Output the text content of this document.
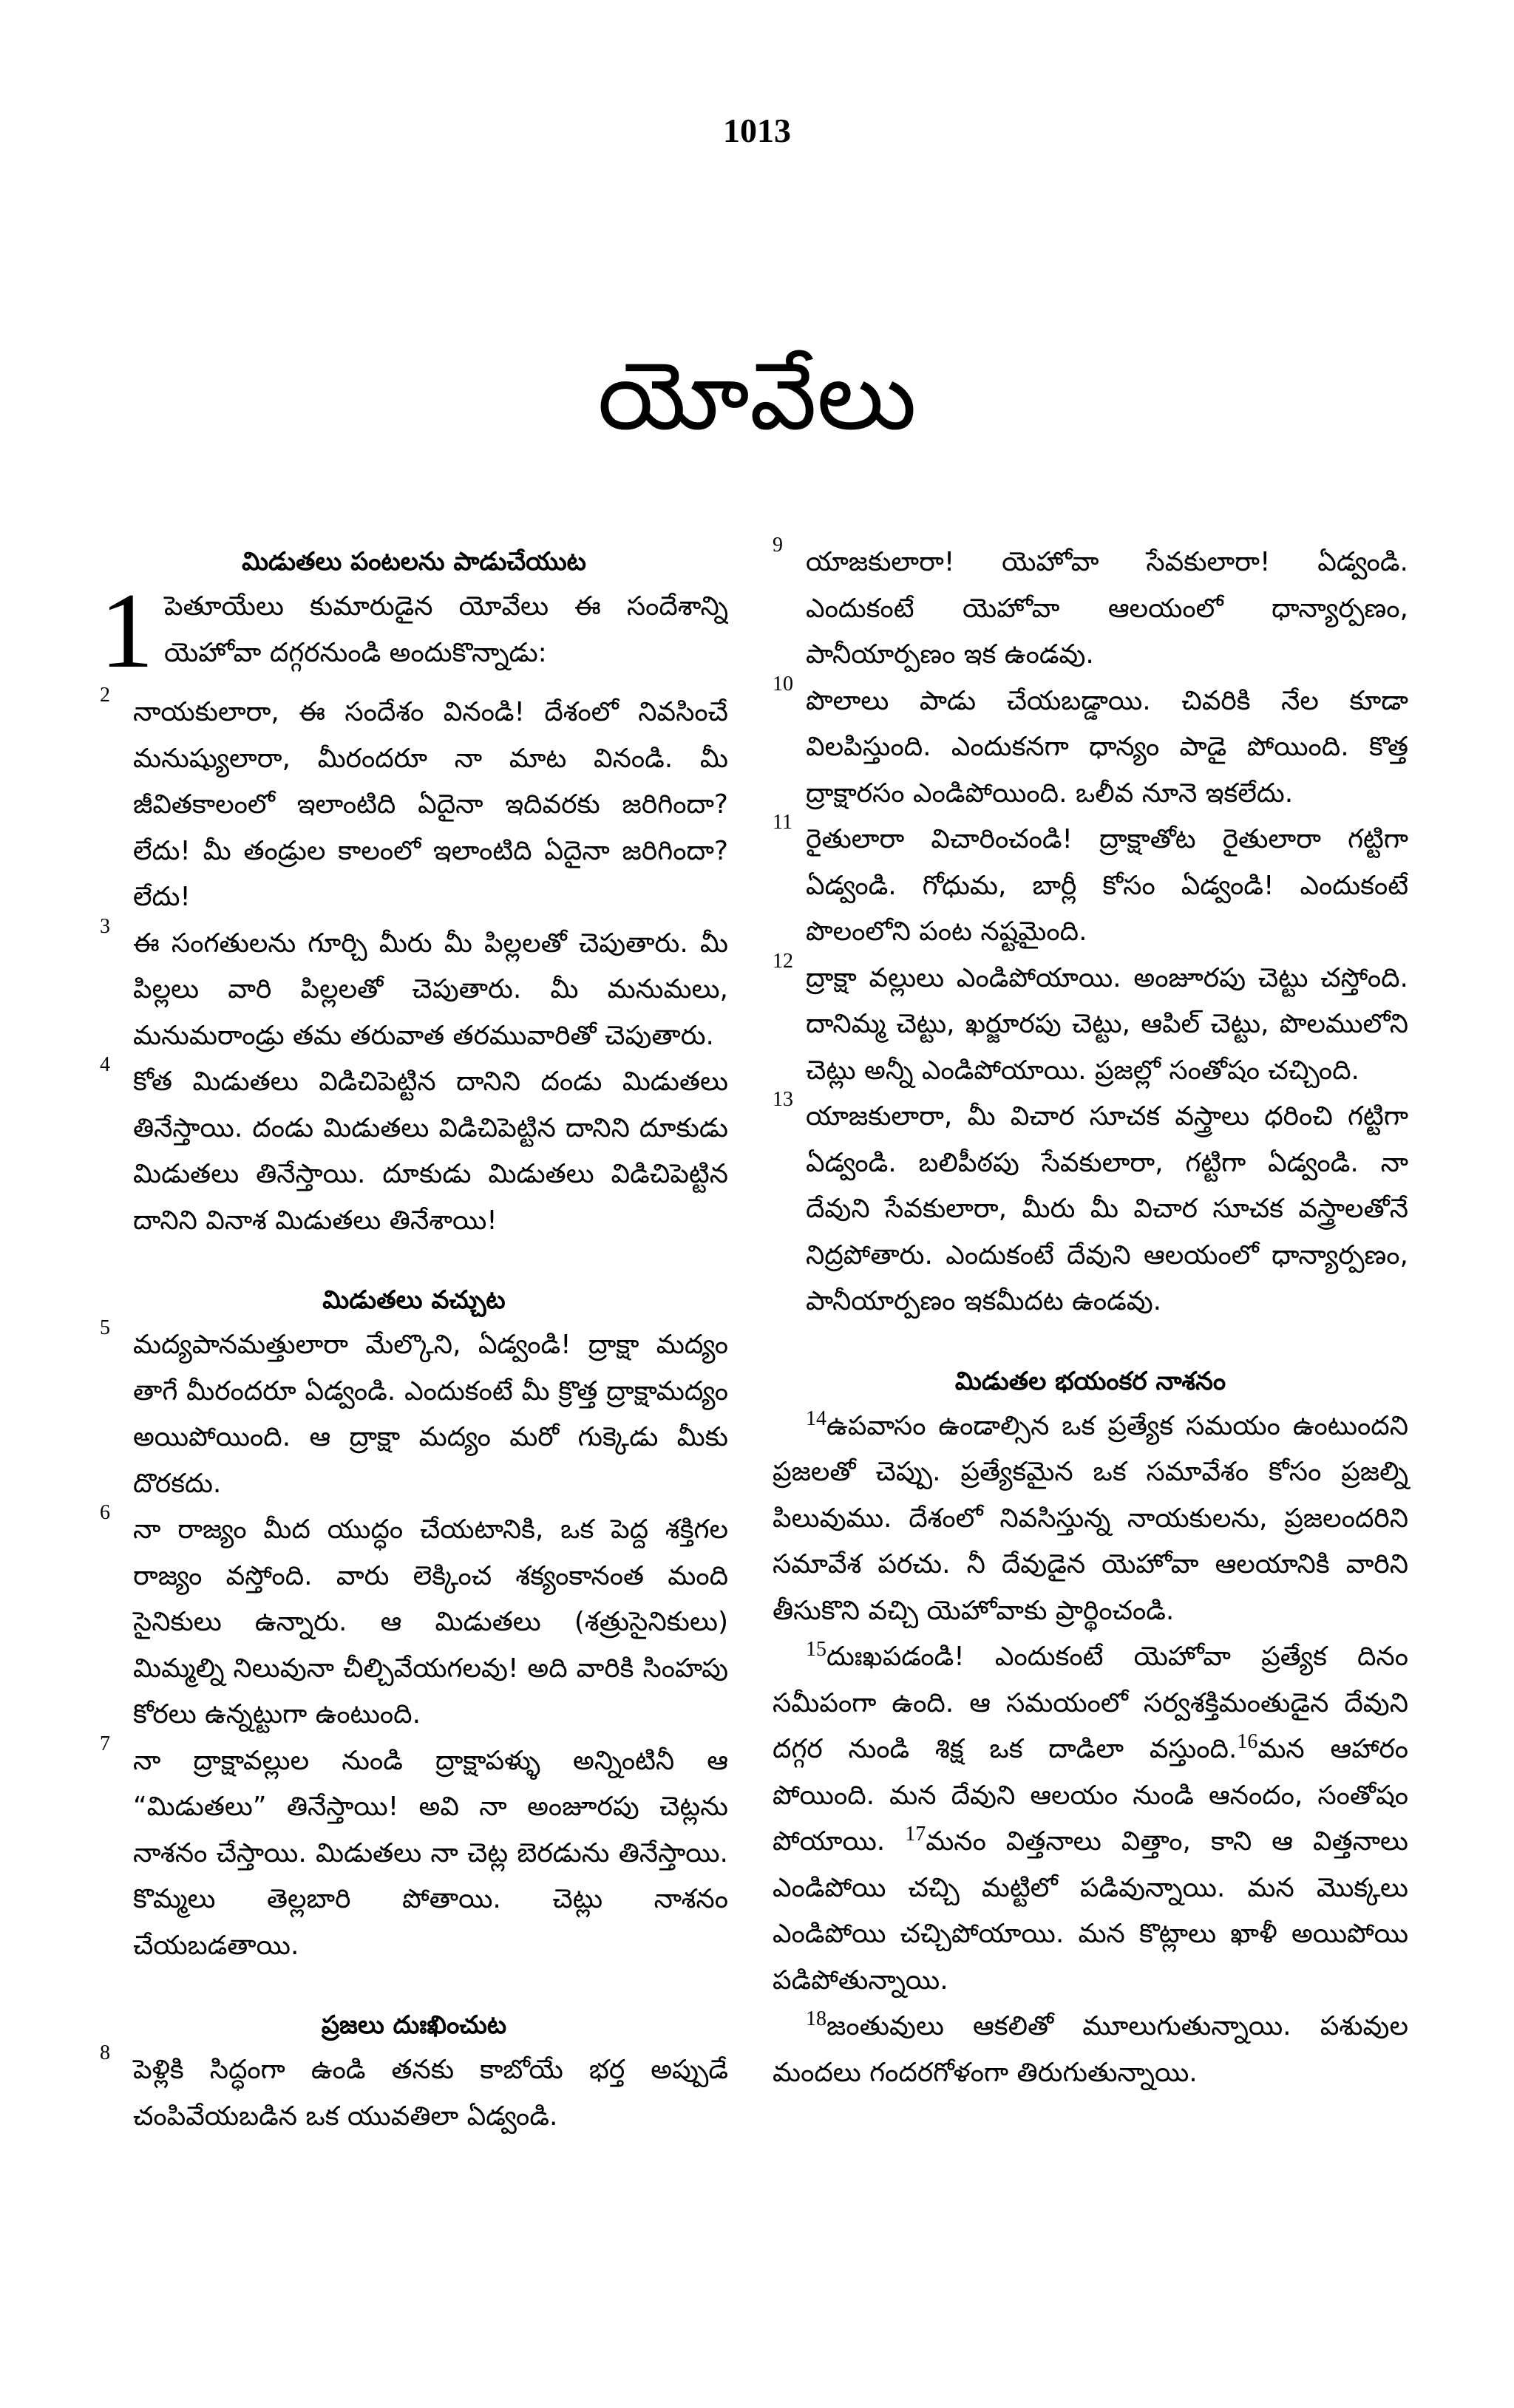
1013
యోవేలు
మిడుతలు పంటలను పాడుచేయుట

1 పెతూయేలు కుమారుడైన యోవేలు ఈ సందేశాన్ని యెహోవా దగ్గరనుండి అందుకొన్నాడు:

2
నాయకులారా, ఈ సందేశం వినండి! దేశంలో నివసించే మనుష్యులారా, మీరందరూ నా మాట వినండి. మీ జీవితకాలంలో ఇలాంటిది ఏదైనా ఇదివరకు జరిగిందా? లేదు! మీ తండ్రుల కాలంలో ఇలాంటిది ఏదైనా జరిగిందా? లేదు!

3
ఈ సంగతులను గూర్చి మీరు మీ పిల్లలతో చెపుతారు. మీ పిల్లలు వారి పిల్లలతో చెపుతారు. మీ మనుమలు, మనుమరాండ్రు తమ తరువాత తరమువారితో చెపుతారు.

4
కోత మిడుతలు విడిచిపెట్టిన దానిని దండు మిడుతలు తినేస్తాయి. దండు మిడుతలు విడిచిపెట్టిన దానిని దూకుడు మిడుతలు తినేస్తాయి. దూకుడు మిడుతలు విడిచిపెట్టిన దానిని వినాశ మిడుతలు తినేశాయి!

మిడుతలు వచ్చుట

5
మద్యపానమత్తులారా మేల్కొని, ఏడ్వండి! ద్రాక్షా మద్యం తాగే మీరందరూ ఏడ్వండి. ఎందుకంటే మీ క్రొత్త ద్రాక్షామద్యం అయిపోయింది. ఆ ద్రాక్షా మద్యం మరో గుక్కెడు మీకు దొరకదు.

6
నా రాజ్యం మీద యుద్ధం చేయటానికి, ఒక పెద్ద శక్తిగల రాజ్యం వస్తోంది. వారు లెక్కించ శక్యంకానంత మంది సైనికులు ఉన్నారు. ఆ మిడుతలు (శత్రుసైనికులు) మిమ్మల్ని నిలువునా చీల్చివేయగలవు! అది వారికి సింహపు కోరలు ఉన్నట్టుగా ఉంటుంది.

7
నా ద్రాక్షావల్లుల నుండి ద్రాక్షాపళ్ళు అన్నింటినీ ఆ “మిడుతలు” తినేస్తాయి! అవి నా అంజూరపు చెట్లను నాశనం చేస్తాయి. మిడుతలు నా చెట్ల బెరడును తినేస్తాయి. కొమ్మలు తెల్లబారి పోతాయి. చెట్లు నాశనం చేయబడతాయి.

ప్రజలు దుఃఖించుట

8
పెళ్లికి సిద్ధంగా ఉండి తనకు కాబోయే భర్త అప్పుడే చంపివేయబడిన ఒక యువతిలా ఏడ్వండి.

9
యాజకులారా! యెహోవా సేవకులారా! ఏడ్వండి. ఎందుకంటే యెహోవా ఆలయంలో ధాన్యార్పణం, పానీయార్పణం ఇక ఉండవు.

10
పొలాలు పాడు చేయబడ్డాయి. చివరికి నేల కూడా విలపిస్తుంది. ఎందుకనగా ధాన్యం పాడై పోయింది. కొత్త ద్రాక్షారసం ఎండిపోయింది. ఒలీవ నూనె ఇకలేదు.

11
రైతులారా విచారించండి! ద్రాక్షాతోట రైతులారా గట్టిగా ఏడ్వండి. గోధుమ, బార్లీ కోసం ఏడ్వండి! ఎందుకంటే పొలంలోని పంట నష్టమైంది.

12
ద్రాక్షా వల్లులు ఎండిపోయాయి. అంజూరపు చెట్టు చస్తోంది. దానిమ్మ చెట్టు, ఖర్జూరపు చెట్టు, ఆపిల్ చెట్టు, పొలములోని చెట్లు అన్నీ ఎండిపోయాయి. ప్రజల్లో సంతోషం చచ్చింది.

13
యాజకులారా, మీ విచార సూచక వస్త్రాలు ధరించి గట్టిగా ఏడ్వండి. బలిపీఠపు సేవకులారా, గట్టిగా ఏడ్వండి. నా దేవుని సేవకులారా, మీరు మీ విచార సూచక వస్త్రాలతోనే నిద్రపోతారు. ఎందుకంటే దేవుని ఆలయంలో ధాన్యార్పణం, పానీయార్పణం ఇకమీదట ఉండవు.

మిడుతల భయంకర నాశనం

$^{14}$ఉపవాసం ఉండాల్సిన ఒక ప్రత్యేక సమయం ఉంటుందని ప్రజలతో చెప్పు. ప్రత్యేకమైన ఒక సమావేశం కోసం ప్రజల్ని పిలువుము. దేశంలో నివసిస్తున్న నాయకులను, ప్రజలందరిని సమావేశ పరచు. నీ దేవుడైన యెహోవా ఆలయానికి వారిని తీసుకొని వచ్చి యెహోవాకు ప్రార్థించండి.

$^{15}$దుఃఖపడండి! ఎందుకంటే యెహోవా ప్రత్యేక దినం సమీపంగా ఉంది. ఆ సమయంలో సర్వశక్తిమంతుడైన దేవుని దగ్గర నుండి శిక్ష ఒక దాడిలా వస్తుంది.$^{16}$మన ఆహారం పోయింది. మన దేవుని ఆలయం నుండి ఆనందం, సంతోషం పోయాయి. $^{17}$మనం విత్తనాలు విత్తాం, కాని ఆ విత్తనాలు ఎండిపోయి చచ్చి మట్టిలో పడివున్నాయి. మన మొక్కలు ఎండిపోయి చచ్చిపోయాయి. మన కొట్లాలు ఖాళీ అయిపోయి పడిపోతున్నాయి.

$^{18}$జంతువులు ఆకలితో మూలుగుతున్నాయి. పశువుల మందలు గందరగోళంగా తిరుగుతున్నాయి.
